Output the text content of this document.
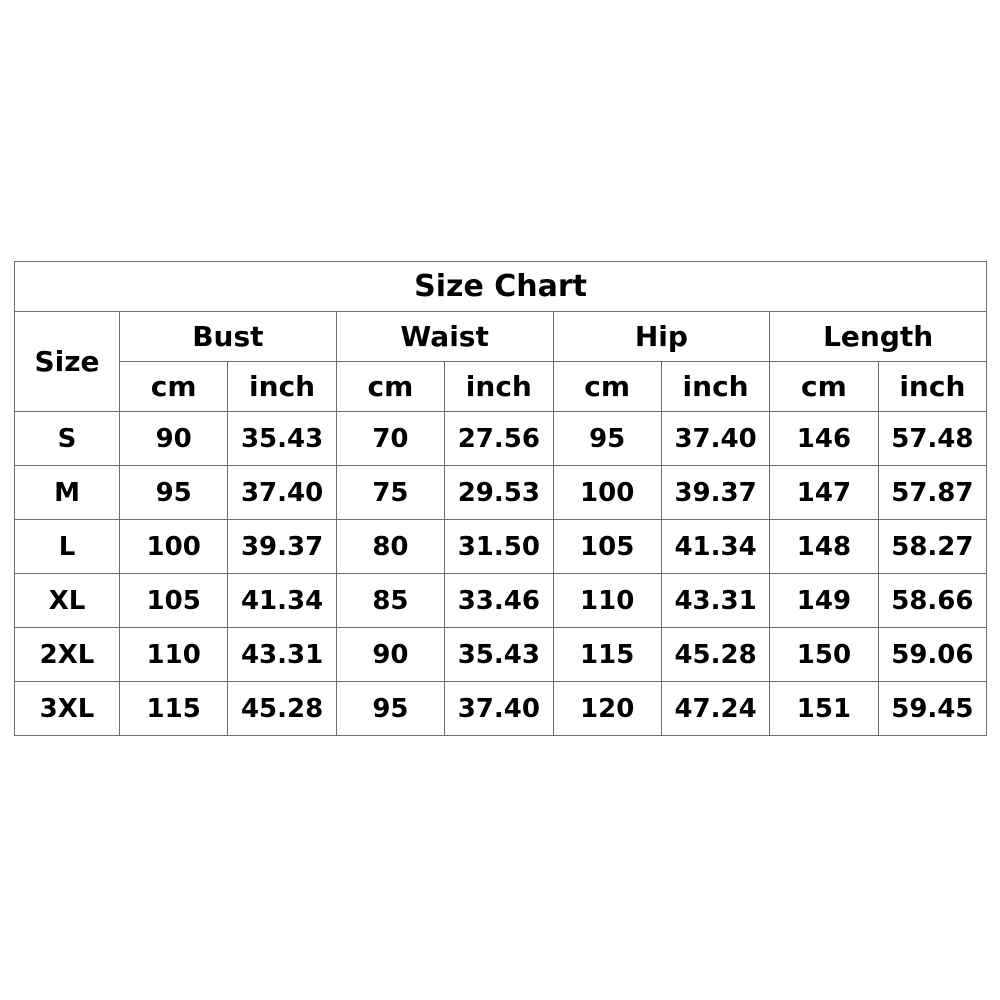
Size Chart								
Size	Bust		Waist		Hip		Length	
	cm	inch	cm	inch	cm	inch	cm	inch
S	90	35.43	70	27.56	95	37.40	146	57.48
M	95	37.40	75	29.53	100	39.37	147	57.87
L	100	39.37	80	31.50	105	41.34	148	58.27
XL	105	41.34	85	33.46	110	43.31	149	58.66
2XL	110	43.31	90	35.43	115	45.28	150	59.06
3XL	115	45.28	95	37.40	120	47.24	151	59.45
